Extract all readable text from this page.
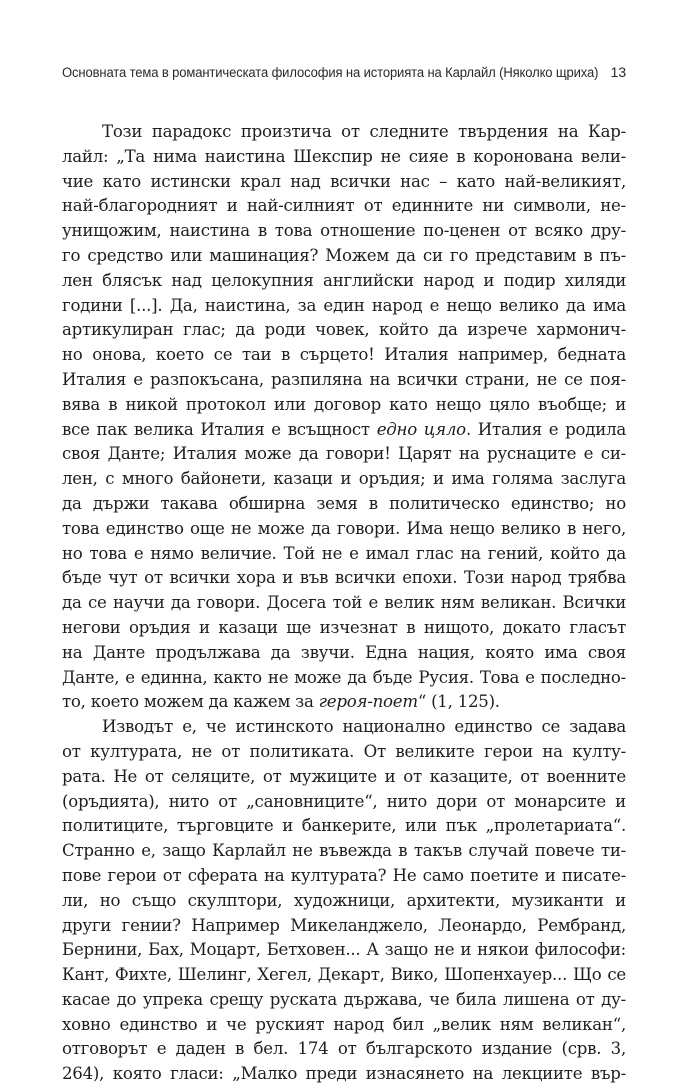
Основната тема в романтическата философия на историята на Карлайл (Няколко щриха) 13
Този парадокс произтича от следните твърдения на Кар-
лайл: „Та нима наистина Шекспир не сияе в коронована вели-
чие като истински крал над всички нас – като най-великият,
най-благородният и най-силният от единните ни символи, не-
унищожим, наистина в това отношение по-ценен от всяко дру-
го средство или машинация? Можем да си го представим в пъ-
лен блясък над целокупния английски народ и подир хиляди
години [...]. Да, наистина, за един народ е нещо велико да има
артикулиран глас; да роди човек, който да изрече хармонич-
но онова, което се таи в сърцето! Италия например, бедната
Италия е разпокъсана, разпиляна на всички страни, не се поя-
вява в никой протокол или договор като нещо цяло въобще; и
все пак велика Италия е всъщност едно цяло. Италия е родила
своя Данте; Италия може да говори! Царят на руснаците е си-
лен, с много байонети, казаци и оръдия; и има голяма заслуга
да държи такава обширна земя в политическо единство; но
това единство още не може да говори. Има нещо велико в него,
но това е нямо величие. Той не е имал глас на гений, който да
бъде чут от всички хора и във всички епохи. Този народ трябва
да се научи да говори. Досега той е велик ням великан. Всички
негови оръдия и казаци ще изчезнат в нищото, докато гласът
на Данте продължава да звучи. Една нация, която има своя
Данте, е единна, както не може да бъде Русия. Това е последно-
то, което можем да кажем за героя-поет“ (1, 125).
Изводът е, че истинското национално единство се задава
от културата, не от политиката. От великите герои на култу-
рата. Не от селяците, от мужиците и от казаците, от военните
(оръдията), нито от „сановниците“, нито дори от монарсите и
политиците, търговците и банкерите, или пък „пролетариата“.
Странно е, защо Карлайл не въвежда в такъв случай повече ти-
пове герои от сферата на културата? Не само поетите и писате-
ли, но също скулптори, художници, архитекти, музиканти и
други гении? Например Микеланджело, Леонардо, Рембранд,
Бернини, Бах, Моцарт, Бетховен... А защо не и някои философи:
Кант, Фихте, Шелинг, Хегел, Декарт, Вико, Шопенхауер... Що се
касае до упрека срещу руската държава, че била лишена от ду-
ховно единство и че руският народ бил „велик ням великан“,
отговорът е даден в бел. 174 от българското издание (срв. 3,
264), която гласи: „Малко преди изнасянето на лекциите вър-
